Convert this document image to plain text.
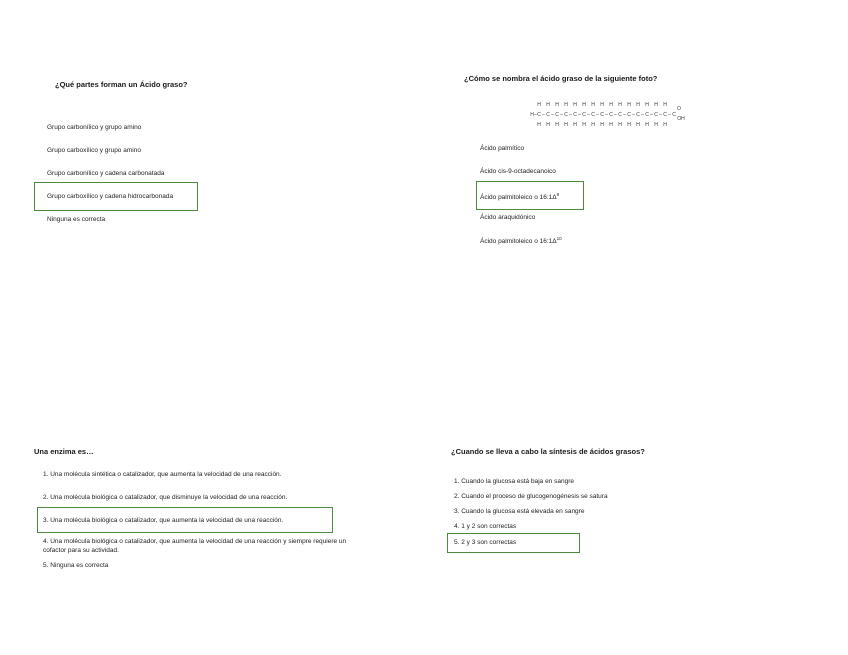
¿Qué partes forman un Ácido graso?
Grupo carbonílico y grupo amino
Grupo carboxílico y grupo amino
Grupo carbonílico y cadena carbonatada
Grupo carboxílico y cadena hidrocarbonada
Ninguna es correcta
¿Cómo se nombra el ácido graso de la siguiente foto?
H – C
H
H
– C
H
H
– C
H
H
– C
H
H
– C
H
H
– C
H
H
– C
H
H
– C
H
H
– C
H
H
– C
H
H
– C
H
H
– C
H
H
– C
H
H
– C
H
H
– C
H
H
– C
O
OH
Ácido palmítico
Ácido cis-9-octadecanoico
Ácido palmitoleico o $16:1\Delta^9$
Ácido araquidónico
Ácido palmitoleico o $16:1\Delta^{10}$
Una enzima es…
1. Una molécula sintética o catalizador, que aumenta la velocidad de una reacción.
2. Una molécula biológica o catalizador, que disminuye la velocidad de una reacción.
3. Una molécula biológica o catalizador, que aumenta la velocidad de una reacción.
4. Una molécula biológica o catalizador, que aumenta la velocidad de una reacción y siempre requiere un
cofactor para su actividad.
5. Ninguna es correcta
¿Cuando se lleva a cabo la síntesis de ácidos grasos?
1. Cuando la glucosa está baja en sangre
2. Cuando el proceso de glucogenogénesis se satura
3. Cuando la glucosa está elevada en sangre
4. 1 y 2 son correctas
5. 2 y 3 son correctas
